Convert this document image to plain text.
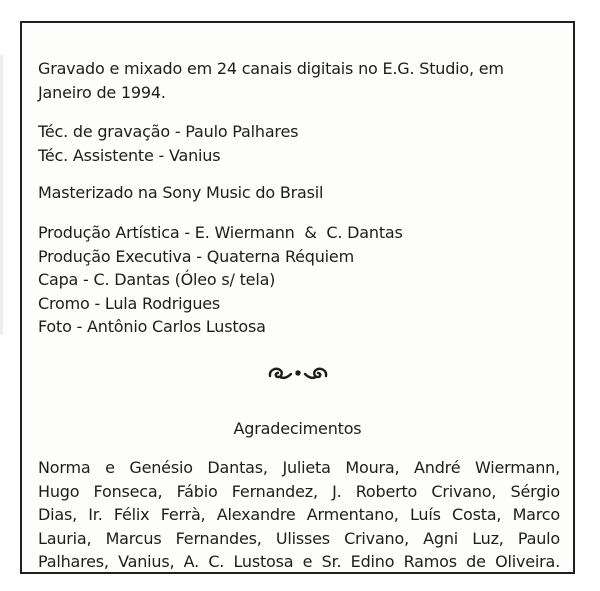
Gravado e mixado em 24 canais digitais no E.G. Studio, em
Janeiro de 1994.
Téc. de gravação - Paulo Palhares
Téc. Assistente - Vanius
Masterizado na Sony Music do Brasil
Produção Artística - E. Wiermann  &  C. Dantas
Produção Executiva - Quaterna Réquiem
Capa - C. Dantas (Óleo s/ tela)
Cromo - Lula Rodrigues
Foto - Antônio Carlos Lustosa
Agradecimentos
Norma e Genésio Dantas, Julieta Moura, André Wiermann,
Hugo Fonseca, Fábio Fernandez, J. Roberto Crivano, Sérgio
Dias, Ir. Félix Ferrà, Alexandre Armentano, Luís Costa, Marco
Lauria, Marcus Fernandes, Ulisses Crivano, Agni Luz, Paulo
Palhares, Vanius, A. C. Lustosa e Sr. Edino Ramos de Oliveira.
